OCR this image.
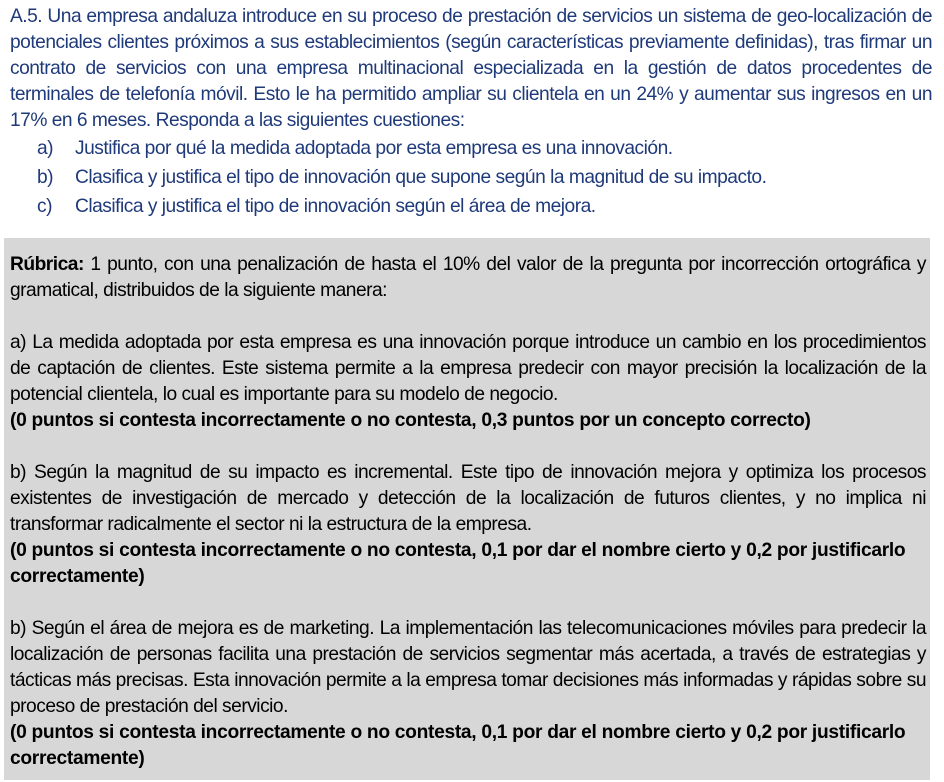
A.5. Una empresa andaluza introduce en su proceso de prestación de servicios un sistema de geo-localización de potenciales clientes próximos a sus establecimientos (según características previamente definidas), tras firmar un contrato de servicios con una empresa multinacional especializada en la gestión de datos procedentes de terminales de telefonía móvil. Esto le ha permitido ampliar su clientela en un 24% y aumentar sus ingresos en un 17% en 6 meses. Responda a las siguientes cuestiones:

a)	Justifica por qué la medida adoptada por esta empresa es una innovación.
b)	Clasifica y justifica el tipo de innovación que supone según la magnitud de su impacto.
c)	Clasifica y justifica el tipo de innovación según el área de mejora.

Rúbrica: 1 punto, con una penalización de hasta el 10% del valor de la pregunta por incorrección ortográfica y gramatical, distribuidos de la siguiente manera:

a) La medida adoptada por esta empresa es una innovación porque introduce un cambio en los procedimientos de captación de clientes. Este sistema permite a la empresa predecir con mayor precisión la localización de la potencial clientela, lo cual es importante para su modelo de negocio.

(0 puntos si contesta incorrectamente o no contesta, 0,3 puntos por un concepto correcto)

b) Según la magnitud de su impacto es incremental. Este tipo de innovación mejora y optimiza los procesos existentes de investigación de mercado y detección de la localización de futuros clientes, y no implica ni transformar radicalmente el sector ni la estructura de la empresa.

(0 puntos si contesta incorrectamente o no contesta, 0,1 por dar el nombre cierto y 0,2 por justificarlo correctamente)

b) Según el área de mejora es de marketing. La implementación las telecomunicaciones móviles para predecir la localización de personas facilita una prestación de servicios segmentar más acertada, a través de estrategias y tácticas más precisas. Esta innovación permite a la empresa tomar decisiones más informadas y rápidas sobre su proceso de prestación del servicio.

(0 puntos si contesta incorrectamente o no contesta, 0,1 por dar el nombre cierto y 0,2 por justificarlo correctamente)
